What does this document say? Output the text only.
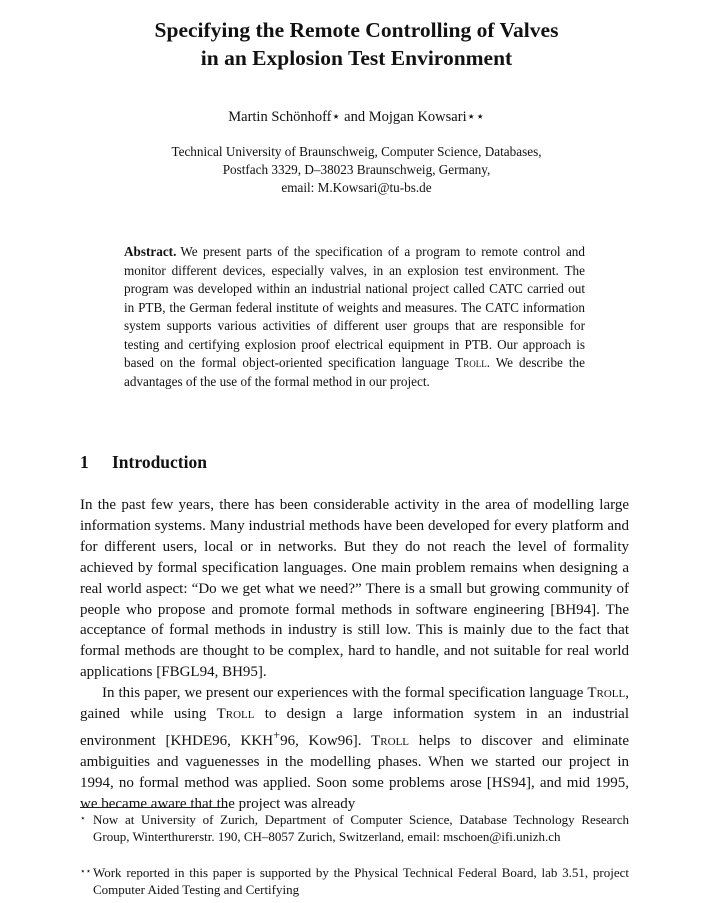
Specifying the Remote Controlling of Valves
in an Explosion Test Environment

Martin Schönhoff⋆ and Mojgan Kowsari⋆⋆

Technical University of Braunschweig, Computer Science, Databases,
Postfach 3329, D–38023 Braunschweig, Germany,
email: M.Kowsari@tu-bs.de

Abstract. We present parts of the specification of a program to remote control and monitor different devices, especially valves, in an explosion test environment. The program was developed within an industrial national project called CATC carried out in PTB, the German federal institute of weights and measures. The CATC information system supports various activities of different user groups that are responsible for testing and certifying explosion proof electrical equipment in PTB. Our approach is based on the formal object-oriented specification language Troll. We describe the advantages of the use of the formal method in our project.

1 Introduction

In the past few years, there has been considerable activity in the area of modelling large information systems. Many industrial methods have been developed for every platform and for different users, local or in networks. But they do not reach the level of formality achieved by formal specification languages. One main problem remains when designing a real world aspect: “Do we get what we need?” There is a small but growing community of people who propose and promote formal methods in software engineering [BH94]. The acceptance of formal methods in industry is still low. This is mainly due to the fact that formal methods are thought to be complex, hard to handle, and not suitable for real world applications [FBGL94, BH95].

In this paper, we present our experiences with the formal specification language Troll, gained while using Troll to design a large information system in an industrial environment [KHDE96, KKH+96, Kow96]. Troll helps to discover and eliminate ambiguities and vaguenesses in the modelling phases. When we started our project in 1994, no formal method was applied. Soon some problems arose [HS94], and mid 1995, we became aware that the project was already

⋆ Now at University of Zurich, Department of Computer Science, Database Technology Research Group, Winterthurerstr. 190, CH–8057 Zurich, Switzerland, email: mschoen@ifi.unizh.ch
⋆⋆ Work reported in this paper is supported by the Physical Technical Federal Board, lab 3.51, project Computer Aided Testing and Certifying
